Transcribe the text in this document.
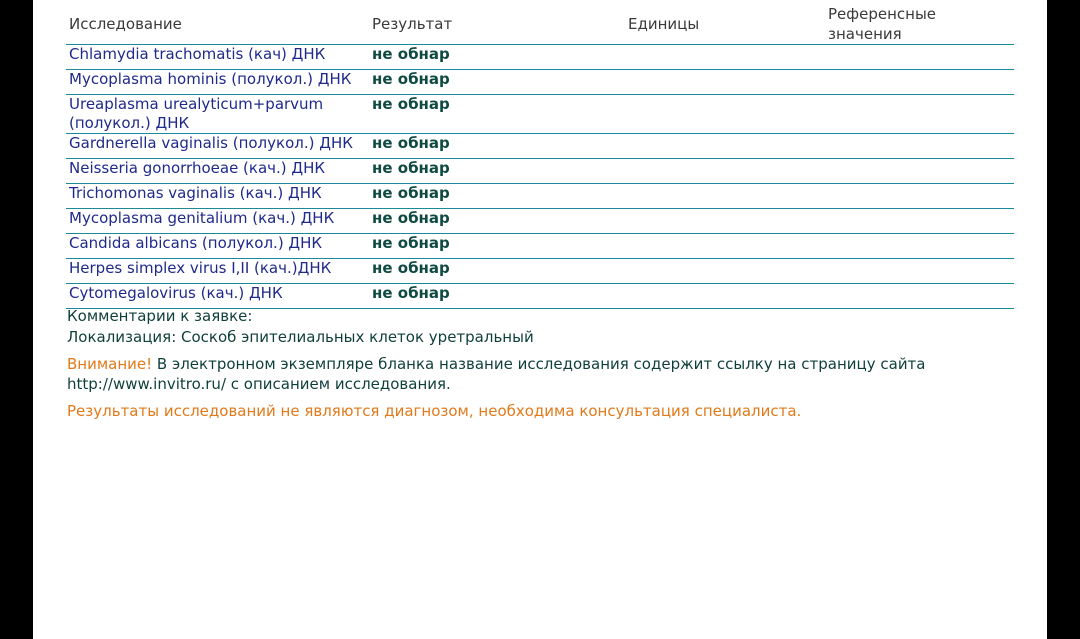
Исследование	Результат	Единицы	Референсные значения
Chlamydia trachomatis (кач) ДНК	не обнар		
Mycoplasma hominis (полукол.) ДНК	не обнар		
Ureaplasma urealyticum+parvum (полукол.) ДНК	не обнар		
Gardnerella vaginalis (полукол.) ДНК	не обнар		
Neisseria gonorrhoeae (кач.) ДНК	не обнар		
Trichomonas vaginalis (кач.) ДНК	не обнар		
Mycoplasma genitalium (кач.) ДНК	не обнар		
Candida albicans (полукол.) ДНК	не обнар		
Herpes simplex virus I,II (кач.)ДНК	не обнар		
Cytomegalovirus (кач.) ДНК	не обнар		
Комментарии к заявке:
Локализация: Соскоб эпителиальных клеток уретральный
Внимание! В электронном экземпляре бланка название исследования содержит ссылку на страницу сайта
http://www.invitro.ru/ с описанием исследования.
Результаты исследований не являются диагнозом, необходима консультация специалиста.
